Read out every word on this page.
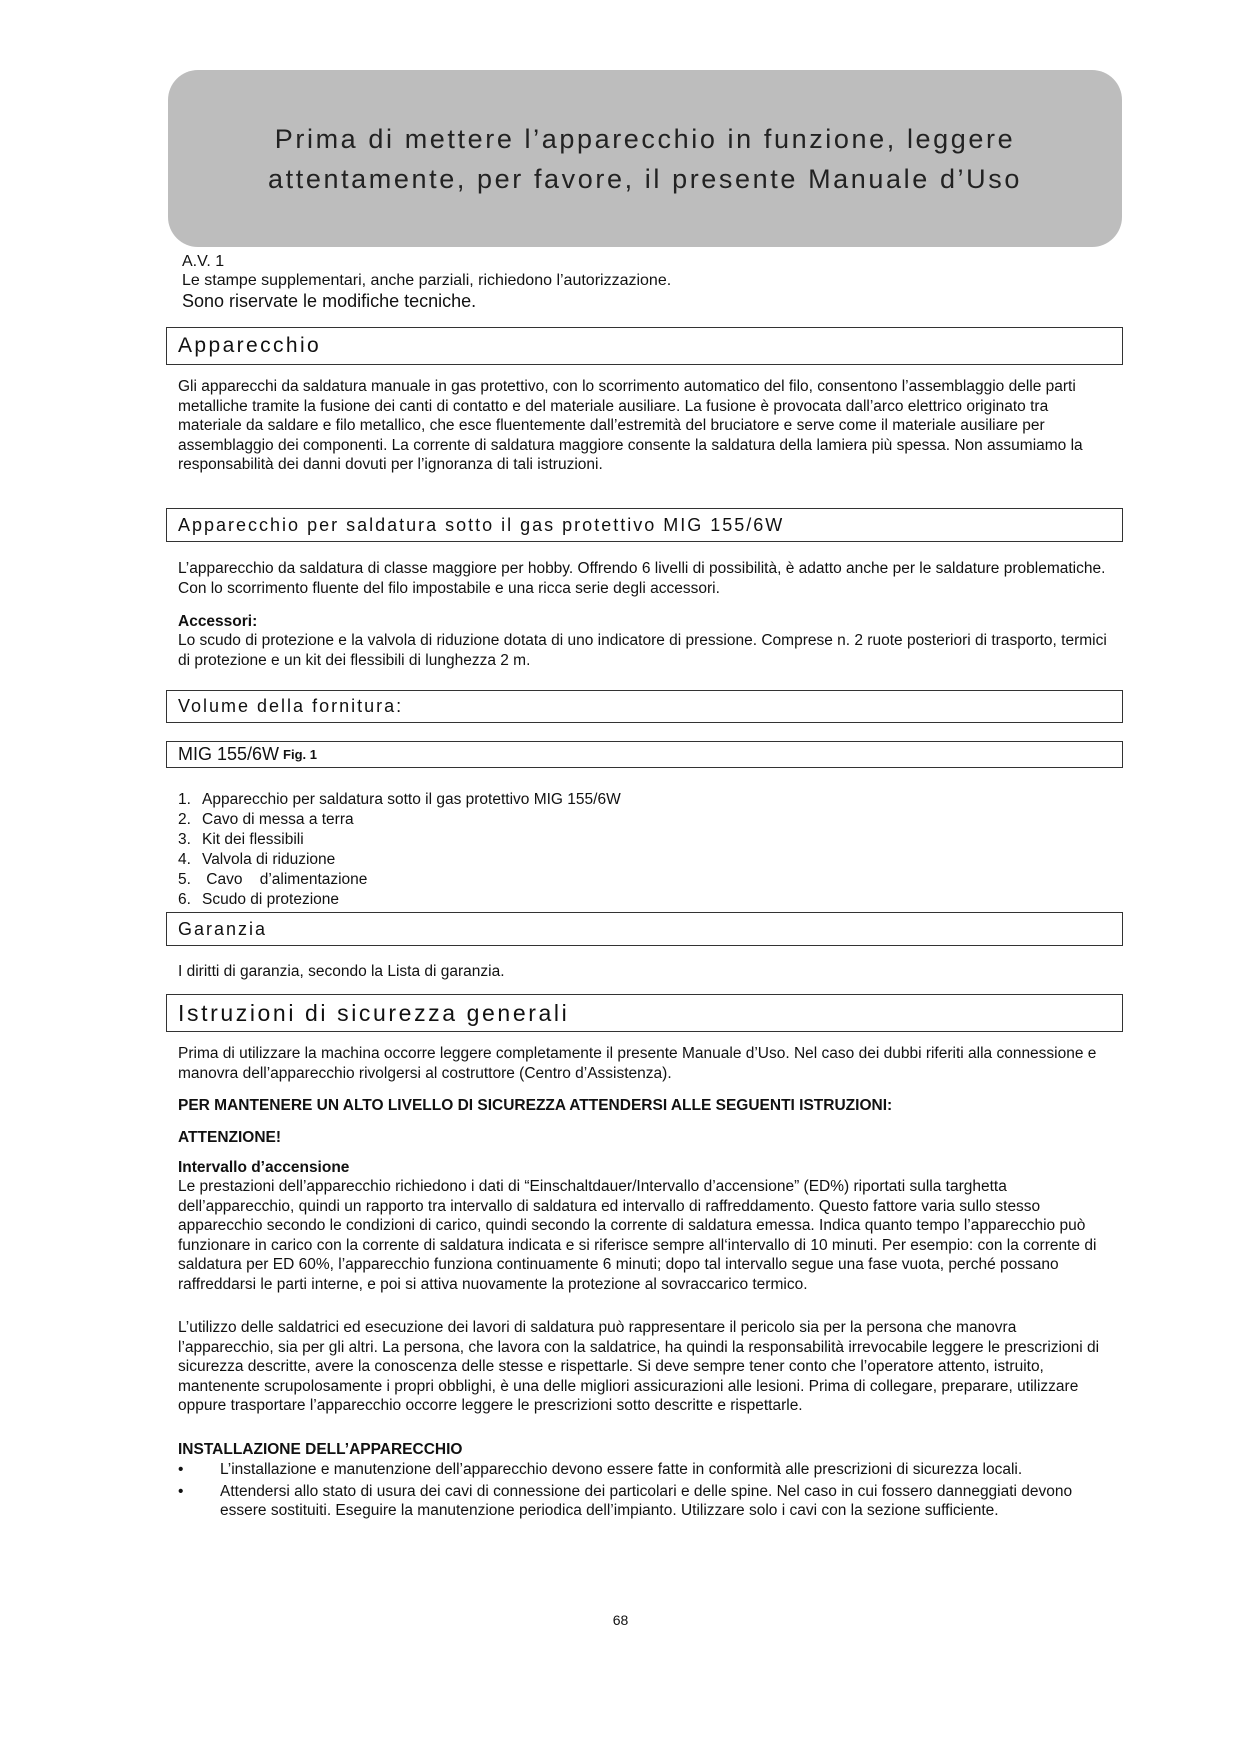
Prima di mettere l’apparecchio in funzione, leggere
attentamente, per favore, il presente Manuale d’Uso
A.V. 1
Le stampe supplementari, anche parziali, richiedono l’autorizzazione.
Sono riservate le modifiche tecniche.
Apparecchio
Gli apparecchi da saldatura manuale in gas protettivo, con lo scorrimento automatico del filo, consentono l’assemblaggio delle parti metalliche tramite la fusione dei canti di contatto e del materiale ausiliare. La fusione è provocata dall’arco elettrico originato tra materiale da saldare e filo metallico, che esce fluentemente dall’estremità del bruciatore e serve come il materiale ausiliare per assemblaggio dei componenti. La corrente di saldatura maggiore consente la saldatura della lamiera più spessa. Non assumiamo la responsabilità dei danni dovuti per l’ignoranza di tali istruzioni.
Apparecchio per saldatura sotto il gas protettivo MIG 155/6W
L’apparecchio da saldatura di classe maggiore per hobby. Offrendo 6 livelli di possibilità, è adatto anche per le saldature problematiche. Con lo scorrimento fluente del filo impostabile e una ricca serie degli accessori.
Accessori:
Lo scudo di protezione e la valvola di riduzione dotata di uno indicatore di pressione. Comprese n. 2 ruote posteriori di trasporto, termici di protezione e un kit dei flessibili di lunghezza 2 m.
Volume della fornitura:
MIG 155/6W Fig. 1
1. Apparecchio per saldatura sotto il gas protettivo MIG 155/6W
2. Cavo di messa a terra
3. Kit dei flessibili
4. Valvola di riduzione
5. Cavo    d’alimentazione
6. Scudo di protezione
Garanzia
I diritti di garanzia, secondo la Lista di garanzia.
Istruzioni di sicurezza generali
Prima di utilizzare la machina occorre leggere completamente il presente Manuale d’Uso. Nel caso dei dubbi riferiti alla connessione e manovra dell’apparecchio rivolgersi al costruttore (Centro d’Assistenza).
PER MANTENERE UN ALTO LIVELLO DI SICUREZZA ATTENDERSI ALLE SEGUENTI ISTRUZIONI:
ATTENZIONE!
Intervallo d’accensione
Le prestazioni dell’apparecchio richiedono i dati di “Einschaltdauer/Intervallo d’accensione” (ED%) riportati sulla targhetta dell’apparecchio, quindi un rapporto tra intervallo di saldatura ed intervallo di raffreddamento. Questo fattore varia sullo stesso apparecchio secondo le condizioni di carico, quindi secondo la corrente di saldatura emessa. Indica quanto tempo l’apparecchio può funzionare in carico con la corrente di saldatura indicata e si riferisce sempre all‘intervallo di 10 minuti. Per esempio: con la corrente di saldatura per ED 60%, l’apparecchio funziona continuamente 6 minuti; dopo tal intervallo segue una fase vuota, perché possano raffreddarsi le parti interne, e poi si attiva nuovamente la protezione al sovraccarico termico.
L’utilizzo delle saldatrici ed esecuzione dei lavori di saldatura può rappresentare il pericolo sia per la persona che manovra l’apparecchio, sia per gli altri. La persona, che lavora con la saldatrice, ha quindi la responsabilità irrevocabile leggere le prescrizioni di sicurezza descritte, avere la conoscenza delle stesse e rispettarle. Si deve sempre tener conto che l’operatore attento, istruito, mantenente scrupolosamente i propri obblighi, è una delle migliori assicurazioni alle lesioni. Prima di collegare, preparare, utilizzare oppure trasportare l’apparecchio occorre leggere le prescrizioni sotto descritte e rispettarle.
INSTALLAZIONE DELL’APPARECCHIO
•	L’installazione e manutenzione dell’apparecchio devono essere fatte in conformità alle prescrizioni di sicurezza locali.
•	Attendersi allo stato di usura dei cavi di connessione dei particolari e delle spine. Nel caso in cui fossero danneggiati devono essere sostituiti. Eseguire la manutenzione periodica dell’impianto. Utilizzare solo i cavi con la sezione sufficiente.
68
